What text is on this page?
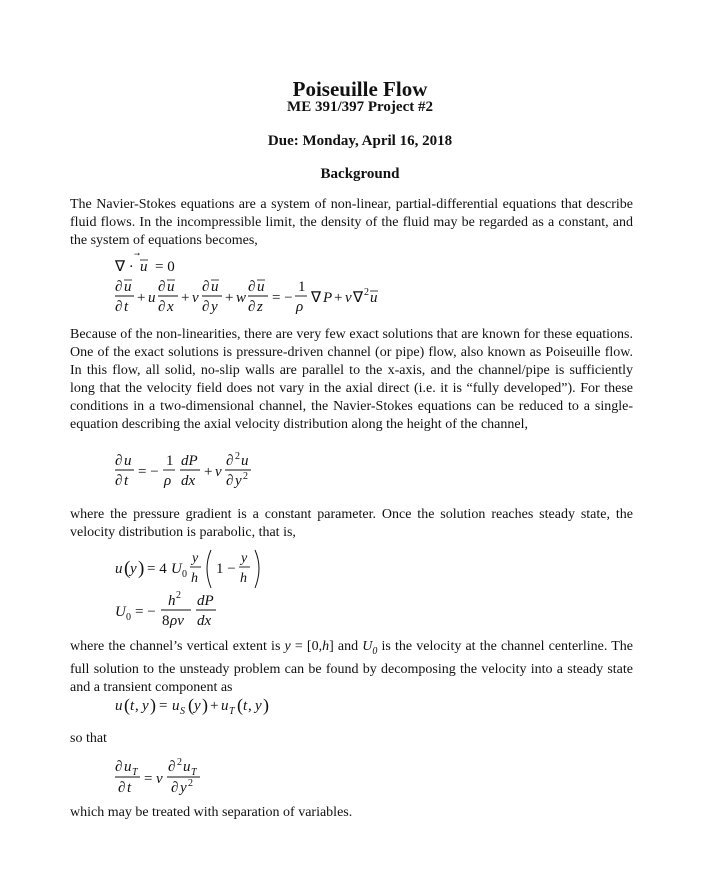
Poiseuille Flow
ME 391/397 Project #2
Due: Monday, April 16, 2018
Background
The Navier-Stokes equations are a system of non-linear, partial-differential equations that describe fluid flows. In the incompressible limit, the density of the fluid may be regarded as a constant, and the system of equations becomes,
∇ · u = 0
∂ u
∂ t
+ u
∂ u
∂ x
+ v
∂ u
∂ y
+ w
∂ u
∂ z
= −
1
ρ
∇ P + ν ∇ 2 u
Because of the non-linearities, there are very few exact solutions that are known for these equations. One of the exact solutions is pressure-driven channel (or pipe) flow, also known as Poiseuille flow. In this flow, all solid, no-slip walls are parallel to the x-axis, and the channel/pipe is sufficiently long that the velocity field does not vary in the axial direct (i.e. it is “fully developed”). For these conditions in a two-dimensional channel, the Navier-Stokes equations can be reduced to a single-equation describing the axial velocity distribution along the height of the channel,
∂ u
∂ t
= −
1
ρ
dP
dx
+ ν
∂ 2 u
∂ y 2
where the pressure gradient is a constant parameter. Once the solution reaches steady state, the velocity distribution is parabolic, that is,
u ( y ) = 4 U 0
y
h
1 −
y
h
U 0 = −
h 2
8 ρν
dP
dx
where the channel’s vertical extent is y = [0,h] and $U_0$ is the velocity at the channel centerline. The full solution to the unsteady problem can be found by decomposing the velocity into a steady state and a transient component as
u ( t , y ) = u S ( y ) + u T ( t , y )
so that
∂ u T
∂ t
= ν
∂ 2 u T
∂ y 2
which may be treated with separation of variables.
